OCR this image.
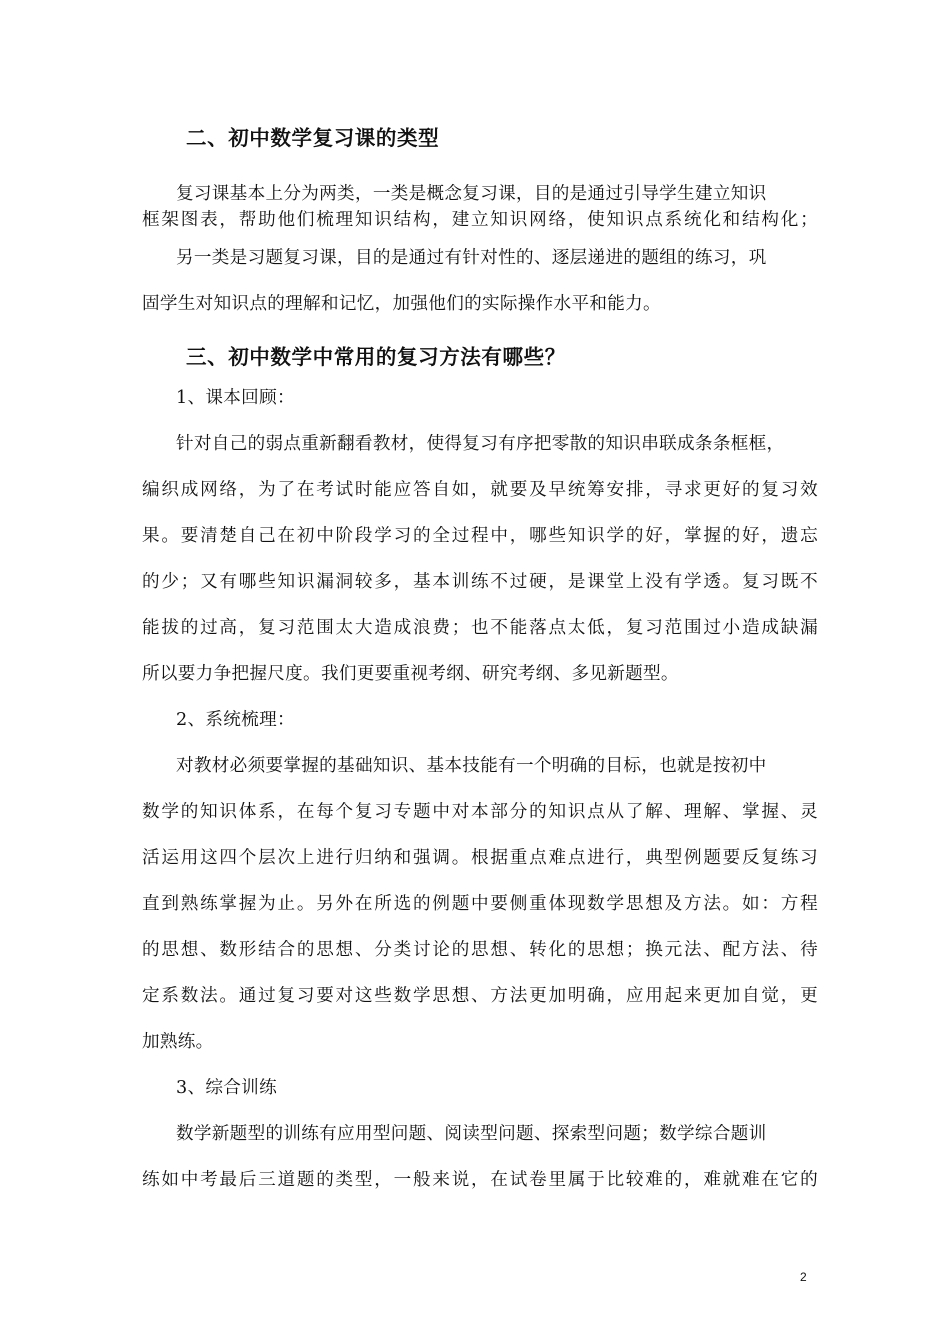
二、初中数学复习课的类型
复习课基本上分为两类，一类是概念复习课，目的是通过引导学生建立知识
框架图表，帮助他们梳理知识结构，建立知识网络，使知识点系统化和结构化；
另一类是习题复习课，目的是通过有针对性的、逐层递进的题组的练习，巩
固学生对知识点的理解和记忆，加强他们的实际操作水平和能力。
三、初中数学中常用的复习方法有哪些？
1、课本回顾：
针对自己的弱点重新翻看教材，使得复习有序把零散的知识串联成条条框框，
编织成网络，为了在考试时能应答自如，就要及早统筹安排，寻求更好的复习效
果。要清楚自己在初中阶段学习的全过程中，哪些知识学的好，掌握的好，遗忘
的少；又有哪些知识漏洞较多，基本训练不过硬，是课堂上没有学透。复习既不
能拔的过高，复习范围太大造成浪费；也不能落点太低，复习范围过小造成缺漏
所以要力争把握尺度。我们更要重视考纲、研究考纲、多见新题型。
2、系统梳理：
对教材必须要掌握的基础知识、基本技能有一个明确的目标，也就是按初中
数学的知识体系，在每个复习专题中对本部分的知识点从了解、理解、掌握、灵
活运用这四个层次上进行归纳和强调。根据重点难点进行，典型例题要反复练习
直到熟练掌握为止。另外在所选的例题中要侧重体现数学思想及方法。如：方程
的思想、数形结合的思想、分类讨论的思想、转化的思想；换元法、配方法、待
定系数法。通过复习要对这些数学思想、方法更加明确，应用起来更加自觉，更
加熟练。
3、综合训练
数学新题型的训练有应用型问题、阅读型问题、探索型问题；数学综合题训
练如中考最后三道题的类型，一般来说，在试卷里属于比较难的，难就难在它的
2
